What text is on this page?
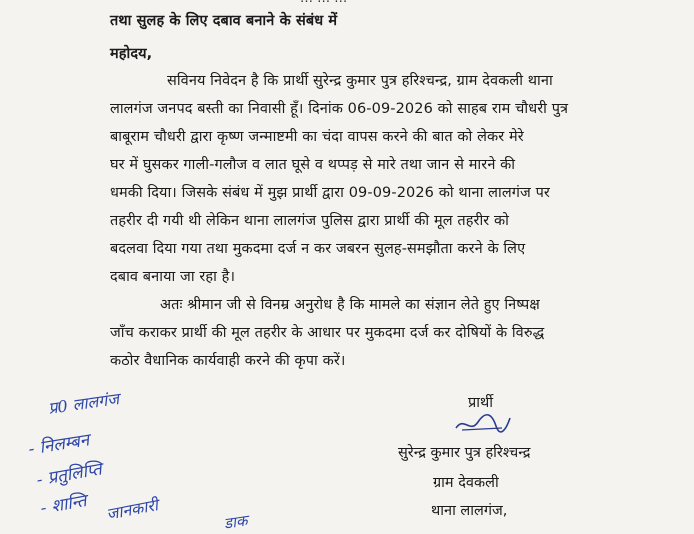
तथा सुलह के लिए दबाव बनाने के संबंध में
महोदय,
सविनय निवेदन है कि प्रार्थी सुरेन्द्र कुमार पुत्र हरिश्चन्द्र, ग्राम देवकली थाना
लालगंज जनपद बस्ती का निवासी हूँ। दिनांक 06-09-2026 को साहब राम चौधरी पुत्र
बाबूराम चौधरी द्वारा कृष्ण जन्माष्टमी का चंदा वापस करने की बात को लेकर मेरे
घर में घुसकर गाली-गलौज व लात घूसे व थप्पड़ से मारे तथा जान से मारने की
धमकी दिया। जिसके संबंध में मुझ प्रार्थी द्वारा 09-09-2026 को थाना लालगंज पर
तहरीर दी गयी थी लेकिन थाना लालगंज पुलिस द्वारा प्रार्थी की मूल तहरीर को
बदलवा दिया गया तथा मुकदमा दर्ज न कर जबरन सुलह-समझौता करने के लिए
दबाव बनाया जा रहा है।
अतः श्रीमान जी से विनम्र अनुरोध है कि मामले का संज्ञान लेते हुए निष्पक्ष
जाँच कराकर प्रार्थी की मूल तहरीर के आधार पर मुकदमा दर्ज कर दोषियों के विरुद्ध
कठोर वैधानिक कार्यवाही करने की कृपा करें।
प्रार्थी
सुरेन्द्र कुमार पुत्र हरिश्चन्द्र
ग्राम देवकली
थाना लालगंज,
प्र0 लालगंज
- निलम्बन
- प्रतुलिप्ति
- शान्ति जानकारी	डाक
